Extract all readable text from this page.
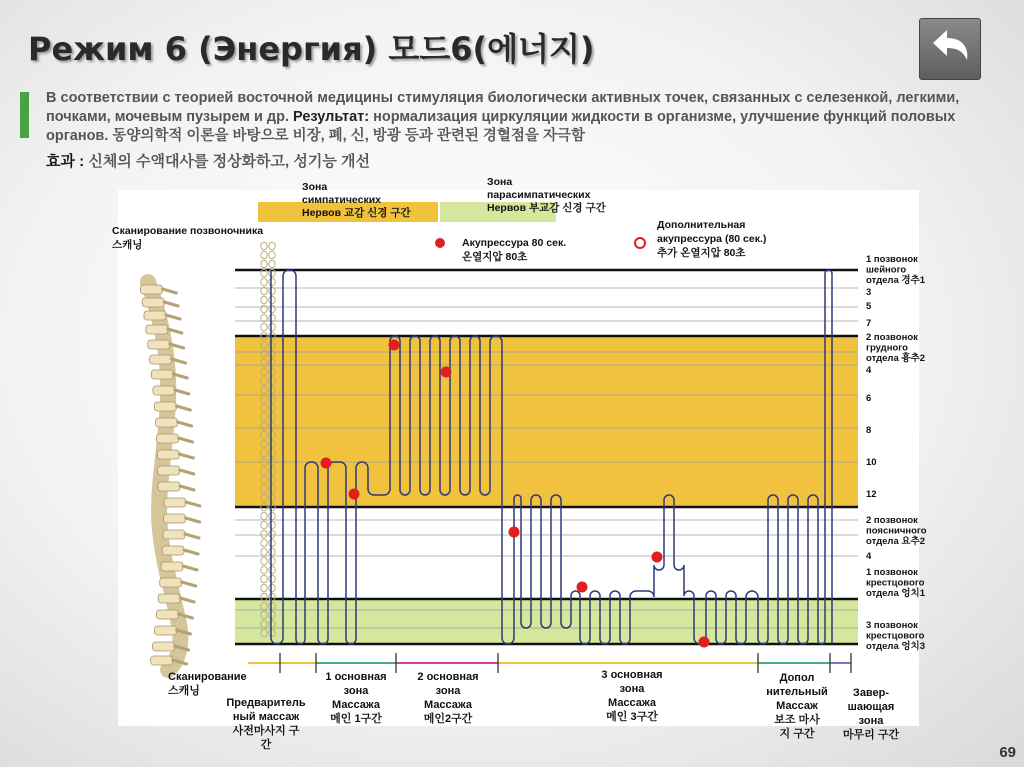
Режим 6 (Энергия) 모드6(에너지)

В соответствии с теорией восточной медицины стимуляция биологически активных точек, связанных с селезенкой, легкими, почками, мочевым пузырем и др. Результат: нормализация циркуляции жидкости в организме, улучшение функций половых органов. 동양의학적 이론을 바탕으로 비장, 폐, 신, 방광 등과 관련된 경혈점을 자극함

효과 : 신체의 수액대사를 정상화하고, 성기능 개선

Зона симпатических Нервов 교감 신경 구간
Зона парасимпатических Нервов 부교감 신경 구간
Акупрессура 80 сек. 온열지압 80초
Дополнительная акупрессура (80 сек.) 추가 온열지압 80초
Сканирование позвоночника 스캐닝
1 позвонок шейного отдела 경추1
3
5
7
2 позвонок грудного отдела 흉추2
4
6
8
10
12
2 позвонок поясничного отдела 요추2
4
1 позвонок крестцового отдела 엉치1
3 позвонок крестцового отдела 엉치3
Сканирование 스캐닝
Предваритель ный массаж 사전마사지 구 간
1 основная зона Массажа 메인 1구간
2 основная зона Массажа 메인2구간
3 основная зона Массажа 메인 3구간
Допол нительный Массаж 보조 마사 지 구간
Завер-шающая зона 마무리 구간
69
